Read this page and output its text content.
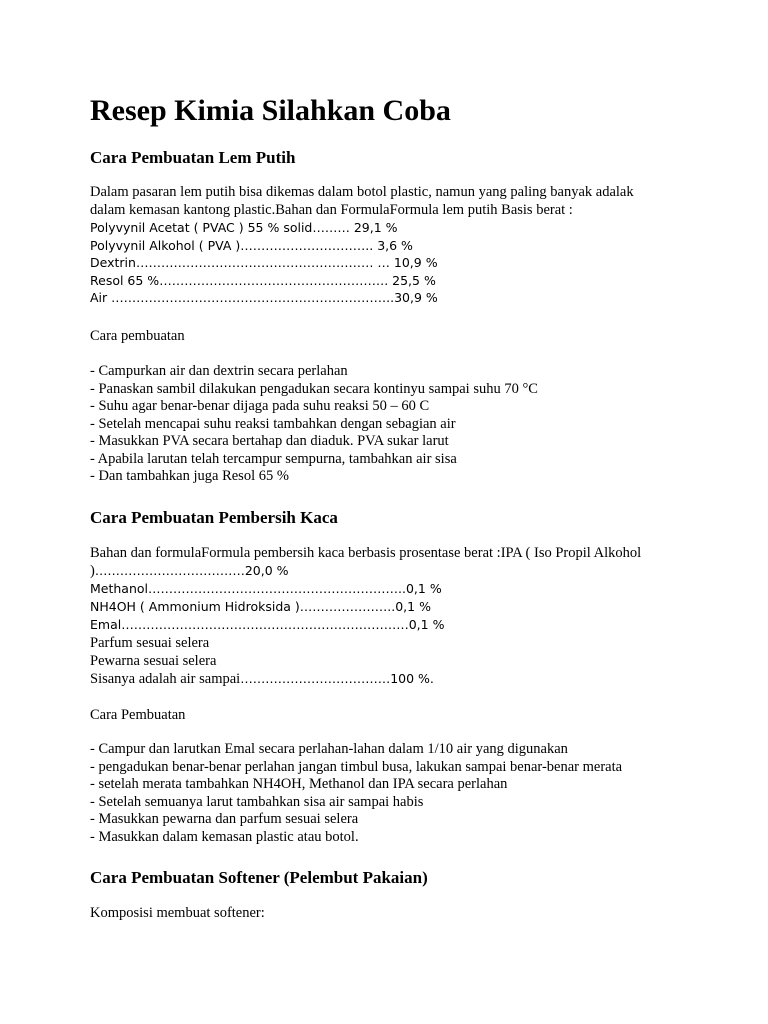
Resep Kimia Silahkan Coba
Cara Pembuatan Lem Putih
Dalam pasaran lem putih bisa dikemas dalam botol plastic, namun yang paling banyak adalak
dalam kemasan kantong plastic.Bahan dan FormulaFormula lem putih Basis berat :
Polyvynil Acetat ( PVAC ) 55 % solid……… 29,1 %
Polyvynil Alkohol ( PVA )………………………….. 3,6 %
Dextrin………………………………………………… … 10,9 %
Resol 65 %………………………………………………. 25,5 %
Air …………………………………………………………..30,9 %

Cara pembuatan

- Campurkan air dan dextrin secara perlahan
- Panaskan sambil dilakukan pengadukan secara kontinyu sampai suhu 70 °C
- Suhu agar benar-benar dijaga pada suhu reaksi 50 – 60 C
- Setelah mencapai suhu reaksi tambahkan dengan sebagian air
- Masukkan PVA secara bertahap dan diaduk. PVA sukar larut
- Apabila larutan telah tercampur sempurna, tambahkan air sisa
- Dan tambahkan juga Resol 65 %
Cara Pembuatan Pembersih Kaca
Bahan dan formulaFormula pembersih kaca berbasis prosentase berat :IPA ( Iso Propil Alkohol
)………………………………20,0 %
Methanol……………………………………………………..0,1 %
NH4OH ( Ammonium Hidroksida )…………………..0,1 %
Emal……………………………………………………………0,1 %
Parfum sesuai selera
Pewarna sesuai selera
Sisanya adalah air sampai………………………………100 %.

Cara Pembuatan

- Campur dan larutkan Emal secara perlahan-lahan dalam 1/10 air yang digunakan
- pengadukan benar-benar perlahan jangan timbul busa, lakukan sampai benar-benar merata
- setelah merata tambahkan NH4OH, Methanol dan IPA secara perlahan
- Setelah semuanya larut tambahkan sisa air sampai habis
- Masukkan pewarna dan parfum sesuai selera
- Masukkan dalam kemasan plastic atau botol.
Cara Pembuatan Softener (Pelembut Pakaian)

Komposisi membuat softener:
